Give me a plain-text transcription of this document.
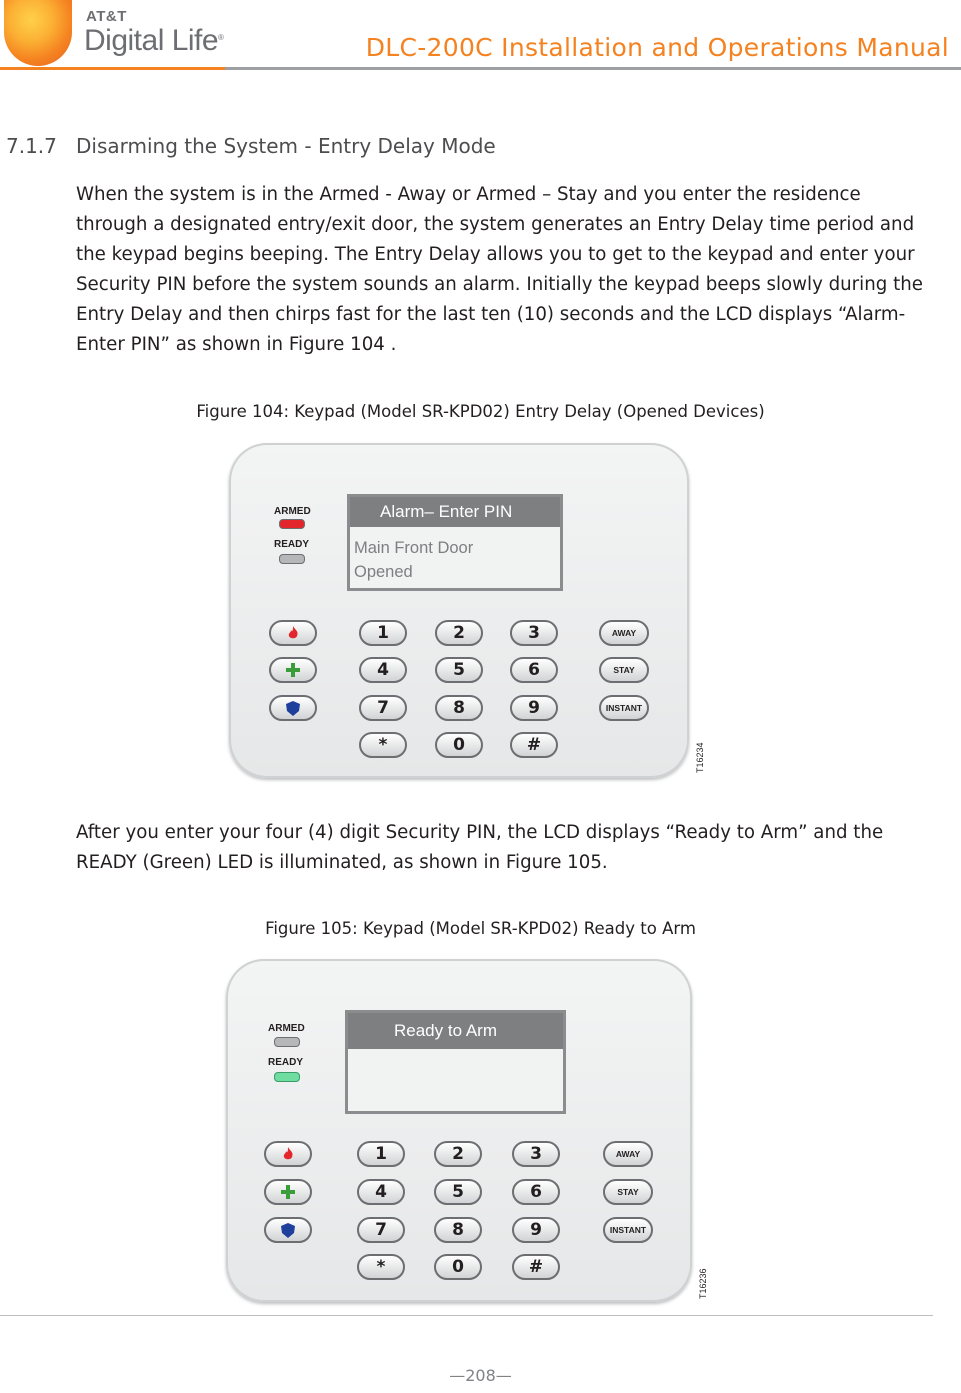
AT&T
Digital Life ®	DLC-200C Installation and Operations Manual
7.1.7 Disarming the System - Entry Delay Mode
When the system is in the Armed - Away or Armed – Stay and you enter the residence through a designated entry/exit door, the system generates an Entry Delay time period and the keypad begins beeping. The Entry Delay allows you to get to the keypad and enter your Security PIN before the system sounds an alarm. Initially the keypad beeps slowly during the Entry Delay and then chirps fast for the last ten (10) seconds and the LCD displays “Alarm- Enter PIN” as shown in Figure 104 .
Figure 104: Keypad (Model SR-KPD02) Entry Delay (Opened Devices)
ARMED
READY
Alarm– Enter PIN
Main Front Door
Opened
1	2	3
4	5	6
7	8	9
*	0	#
AWAY
STAY
INSTANT
T16234
After you enter your four (4) digit Security PIN, the LCD displays “Ready to Arm” and the READY (Green) LED is illuminated, as shown in Figure 105.
Figure 105: Keypad (Model SR-KPD02) Ready to Arm
ARMED
READY
Ready to Arm
1	2	3
4	5	6
7	8	9
*	0	#
AWAY
STAY
INSTANT
T16236
—208—
